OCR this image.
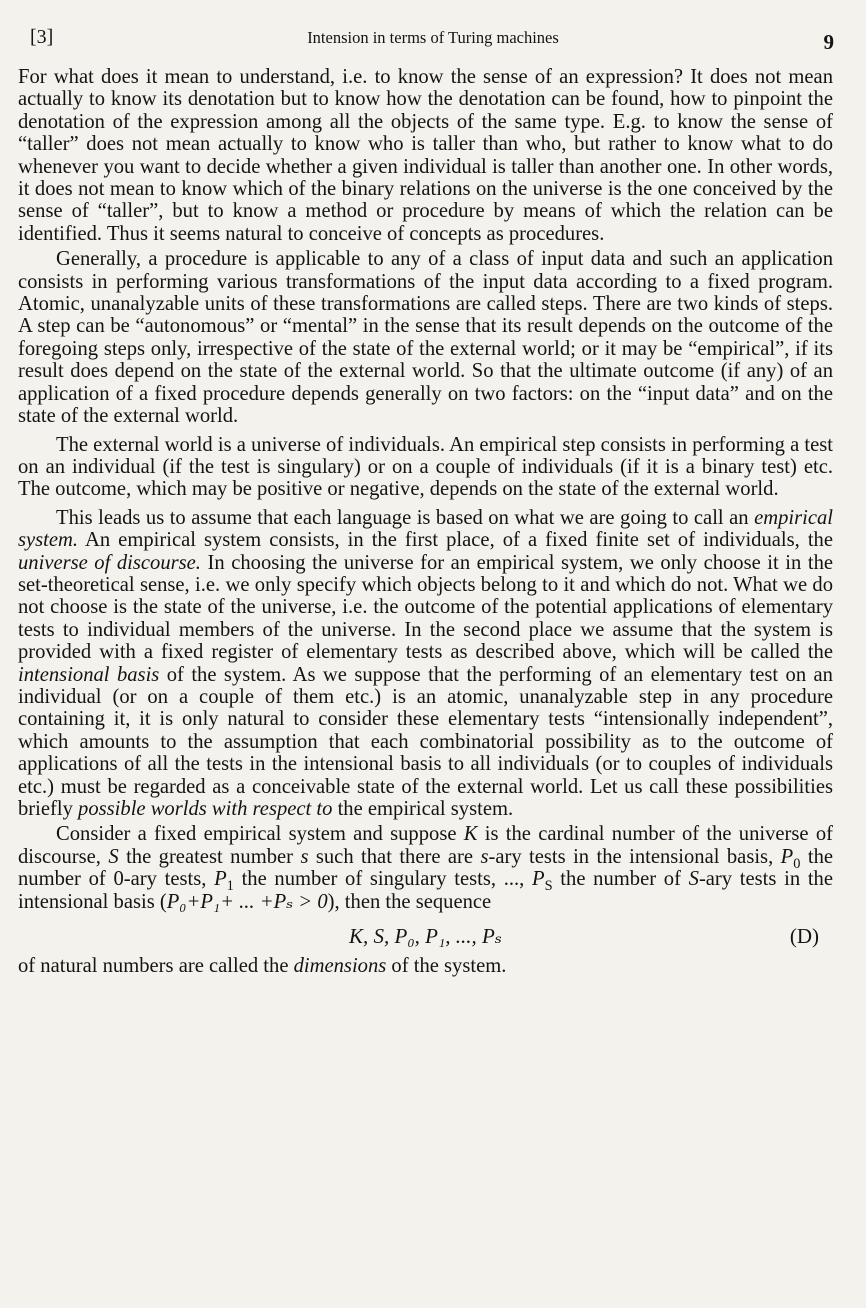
[3]	Intension in terms of Turing machines	9

For what does it mean to understand, i.e. to know the sense of an expression? It does not mean actually to know its denotation but to know how the denotation can be found, how to pinpoint the denotation of the expression among all the objects of the same type. E.g. to know the sense of “taller” does not mean actually to know who is taller than who, but rather to know what to do whenever you want to decide whether a given individual is taller than another one. In other words, it does not mean to know which of the binary relations on the universe is the one conceived by the sense of “taller”, but to know a method or procedure by means of which the relation can be identified. Thus it seems natural to conceive of concepts as procedures.

Generally, a procedure is applicable to any of a class of input data and such an application consists in performing various transformations of the input data according to a fixed program. Atomic, unanalyzable units of these transformations are called steps. There are two kinds of steps. A step can be “autonomous” or “mental” in the sense that its result depends on the outcome of the foregoing steps only, irrespective of the state of the external world; or it may be “empirical”, if its result does depend on the state of the external world. So that the ultimate outcome (if any) of an application of a fixed procedure depends generally on two factors: on the “input data” and on the state of the external world.

The external world is a universe of individuals. An empirical step consists in performing a test on an individual (if the test is singulary) or on a couple of individuals (if it is a binary test) etc. The outcome, which may be positive or negative, depends on the state of the external world.

This leads us to assume that each language is based on what we are going to call an empirical system. An empirical system consists, in the first place, of a fixed finite set of individuals, the universe of discourse. In choosing the universe for an empirical system, we only choose it in the set-theoretical sense, i.e. we only specify which objects belong to it and which do not. What we do not choose is the state of the universe, i.e. the outcome of the potential applications of elementary tests to individual members of the universe. In the second place we assume that the system is provided with a fixed register of elementary tests as described above, which will be called the intensional basis of the system. As we suppose that the performing of an elementary test on an individual (or on a couple of them etc.) is an atomic, unanalyzable step in any procedure containing it, it is only natural to consider these elementary tests “intensionally independent”, which amounts to the assumption that each combinatorial possibility as to the outcome of applications of all the tests in the intensional basis to all individuals (or to couples of individuals etc.) must be regarded as a conceivable state of the external world. Let us call these possibilities briefly possible worlds with respect to the empirical system.

Consider a fixed empirical system and suppose K is the cardinal number of the universe of discourse, S the greatest number s such that there are s-ary tests in the intensional basis, $P_0$ the number of 0-ary tests, $P_1$ the number of singulary tests, ..., $P_S$ the number of S-ary tests in the intensional basis (P₀+P₁+ ... +Pₛ > 0), then the sequence

K, S, P₀, P₁, ..., Pₛ	(D)

of natural numbers are called the dimensions of the system.
